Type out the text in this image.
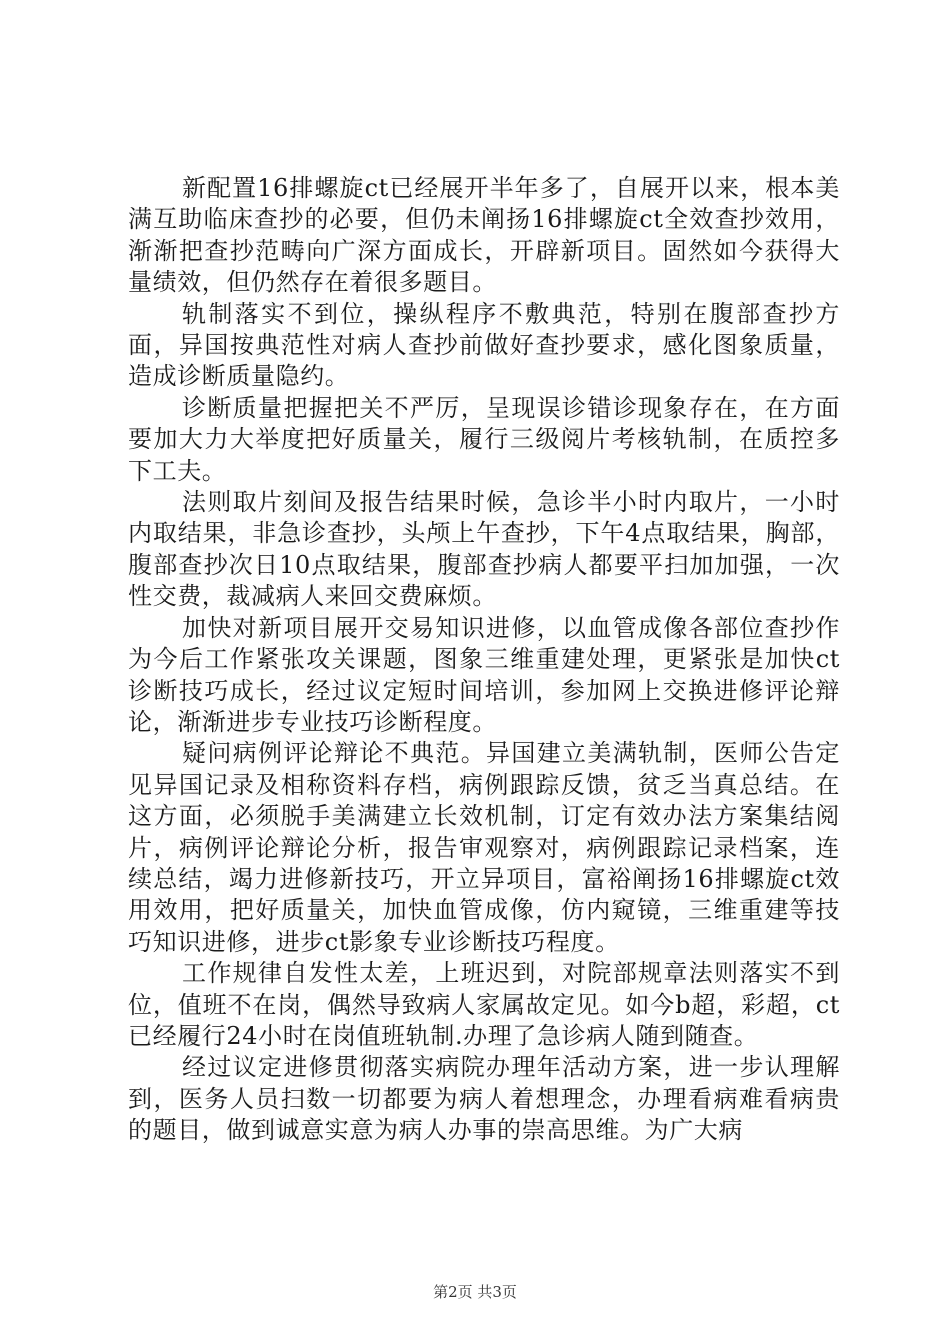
新配置16排螺旋ct已经展开半年多了，自展开以来，根本美满互助临床查抄的必要，但仍未阐扬16排螺旋ct全效查抄效用，渐渐把查抄范畴向广深方面成长，开辟新项目。固然如今获得大量绩效，但仍然存在着很多题目。

轨制落实不到位，操纵程序不敷典范，特别在腹部查抄方面，异国按典范性对病人查抄前做好查抄要求，感化图象质量，造成诊断质量隐约。

诊断质量把握把关不严厉，呈现误诊错诊现象存在，在方面要加大力大举度把好质量关，履行三级阅片考核轨制，在质控多下工夫。

法则取片刻间及报告结果时候，急诊半小时内取片，一小时内取结果，非急诊查抄，头颅上午查抄，下午4点取结果，胸部，腹部查抄次日10点取结果，腹部查抄病人都要平扫加加强，一次性交费，裁减病人来回交费麻烦。

加快对新项目展开交易知识进修，以血管成像各部位查抄作为今后工作紧张攻关课题，图象三维重建处理，更紧张是加快ct诊断技巧成长，经过议定短时间培训，参加网上交换进修评论辩论，渐渐进步专业技巧诊断程度。

疑问病例评论辩论不典范。异国建立美满轨制，医师公告定见异国记录及相称资料存档，病例跟踪反馈，贫乏当真总结。在这方面，必须脱手美满建立长效机制，订定有效办法方案集结阅片，病例评论辩论分析，报告审观察对，病例跟踪记录档案，连续总结，竭力进修新技巧，开立异项目，富裕阐扬16排螺旋ct效用效用，把好质量关，加快血管成像，仿内窥镜，三维重建等技巧知识进修，进步ct影象专业诊断技巧程度。

工作规律自发性太差，上班迟到，对院部规章法则落实不到位，值班不在岗，偶然导致病人家属故定见。如今b超，彩超，ct已经履行24小时在岗值班轨制.办理了急诊病人随到随查。

经过议定进修贯彻落实病院办理年活动方案，进一步认理解到，医务人员扫数一切都要为病人着想理念，办理看病难看病贵的题目，做到诚意实意为病人办事的崇高思维。为广大病

第2页 共3页
